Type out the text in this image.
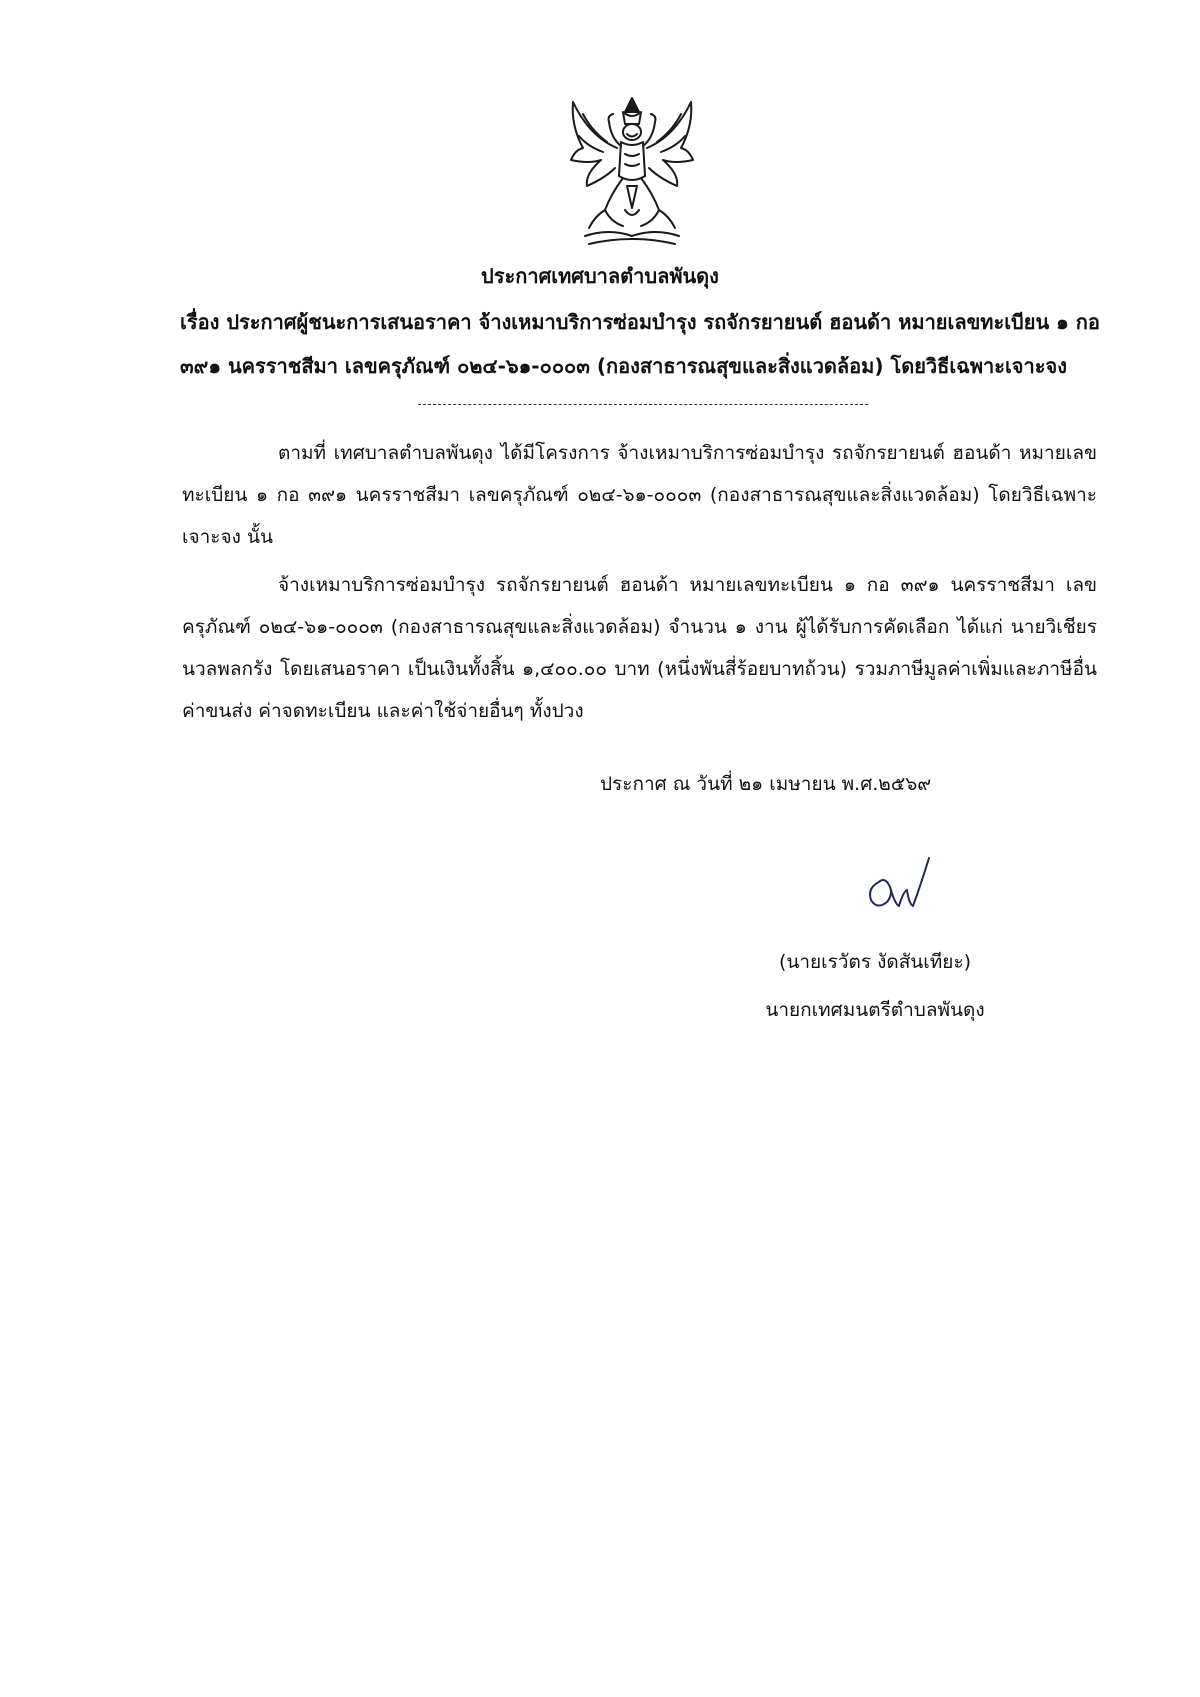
ประกาศเทศบาลตำบลพันดุง

เรื่อง ประกาศผู้ชนะการเสนอราคา จ้างเหมาบริการซ่อมบำรุง รถจักรยายนต์ ฮอนด้า หมายเลขทะเบียน ๑ กอ

๓๙๑ นครราชสีมา เลขครุภัณฑ์ ๐๒๔-๖๑-๐๐๐๓ (กองสาธารณสุขและสิ่งแวดล้อม) โดยวิธีเฉพาะเจาะจง

ตามที่ เทศบาลตำบลพันดุง ได้มีโครงการ จ้างเหมาบริการซ่อมบำรุง รถจักรยายนต์ ฮอนด้า หมายเลขทะเบียน ๑ กอ ๓๙๑ นครราชสีมา เลขครุภัณฑ์ ๐๒๔-๖๑-๐๐๐๓ (กองสาธารณสุขและสิ่งแวดล้อม) โดยวิธีเฉพาะเจาะจง นั้น

จ้างเหมาบริการซ่อมบำรุง รถจักรยายนต์ ฮอนด้า หมายเลขทะเบียน ๑ กอ ๓๙๑ นครราชสีมา เลขครุภัณฑ์ ๐๒๔-๖๑-๐๐๐๓ (กองสาธารณสุขและสิ่งแวดล้อม) จำนวน ๑ งาน ผู้ได้รับการคัดเลือก ได้แก่ นายวิเชียร นวลพลกรัง โดยเสนอราคา เป็นเงินทั้งสิ้น ๑,๔๐๐.๐๐ บาท (หนึ่งพันสี่ร้อยบาทถ้วน) รวมภาษีมูลค่าเพิ่มและภาษีอื่น ค่าขนส่ง ค่าจดทะเบียน และค่าใช้จ่ายอื่นๆ ทั้งปวง

ประกาศ ณ วันที่ ๒๑ เมษายน พ.ศ.๒๕๖๙
(นายเรวัตร งัดสันเทียะ)
นายกเทศมนตรีตำบลพันดุง
